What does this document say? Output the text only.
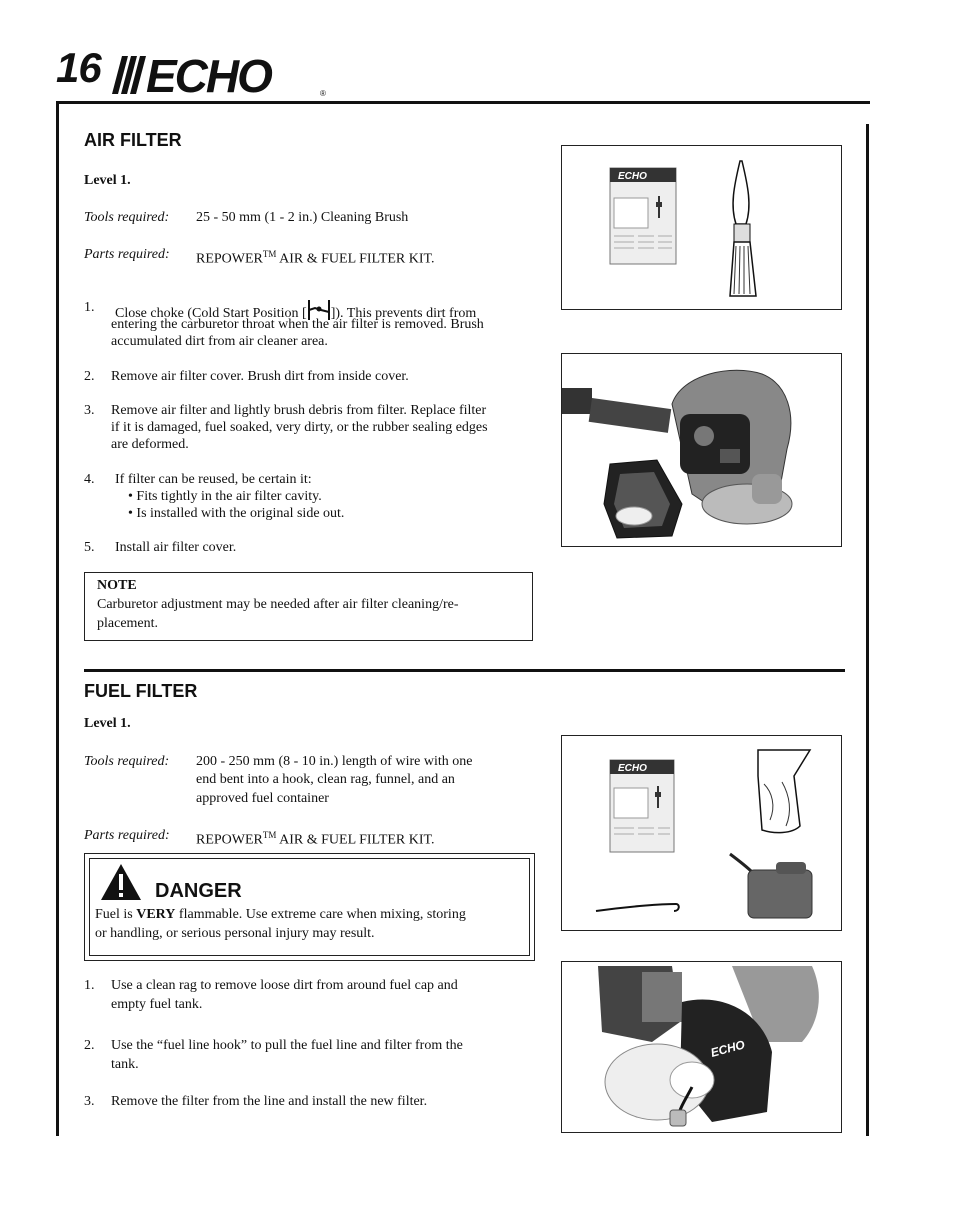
16 ECHO	®
AIR FILTER
Level 1.
Tools required: 25 - 50 mm (1 - 2 in.) Cleaning Brush
Parts required: REPOWER™ AIR & FUEL FILTER KIT.
1. Close choke (Cold Start Position [ ]). This prevents dirt from
entering the carburetor throat when the air filter is removed. Brush
accumulated dirt from air cleaner area.
2. Remove air filter cover. Brush dirt from inside cover.
3. Remove air filter and lightly brush debris from filter. Replace filter
if it is damaged, fuel soaked, very dirty, or the rubber sealing edges
are deformed.
4. If filter can be reused, be certain it:
• Fits tightly in the air filter cavity.
• Is installed with the original side out.
5. Install air filter cover.
NOTE
Carburetor adjustment may be needed after air filter cleaning/re-
placement.
ECHO
FUEL FILTER
Level 1.
Tools required: 200 - 250 mm (8 - 10 in.) length of wire with one
end bent into a hook, clean rag, funnel, and an
approved fuel container
Parts required: REPOWER™ AIR & FUEL FILTER KIT.
DANGER
Fuel is VERY flammable. Use extreme care when mixing, storing
or handling, or serious personal injury may result.
1. Use a clean rag to remove loose dirt from around fuel cap and
empty fuel tank.
2. Use the “fuel line hook” to pull the fuel line and filter from the
tank.
3. Remove the filter from the line and install the new filter.
ECHO
ECHO
